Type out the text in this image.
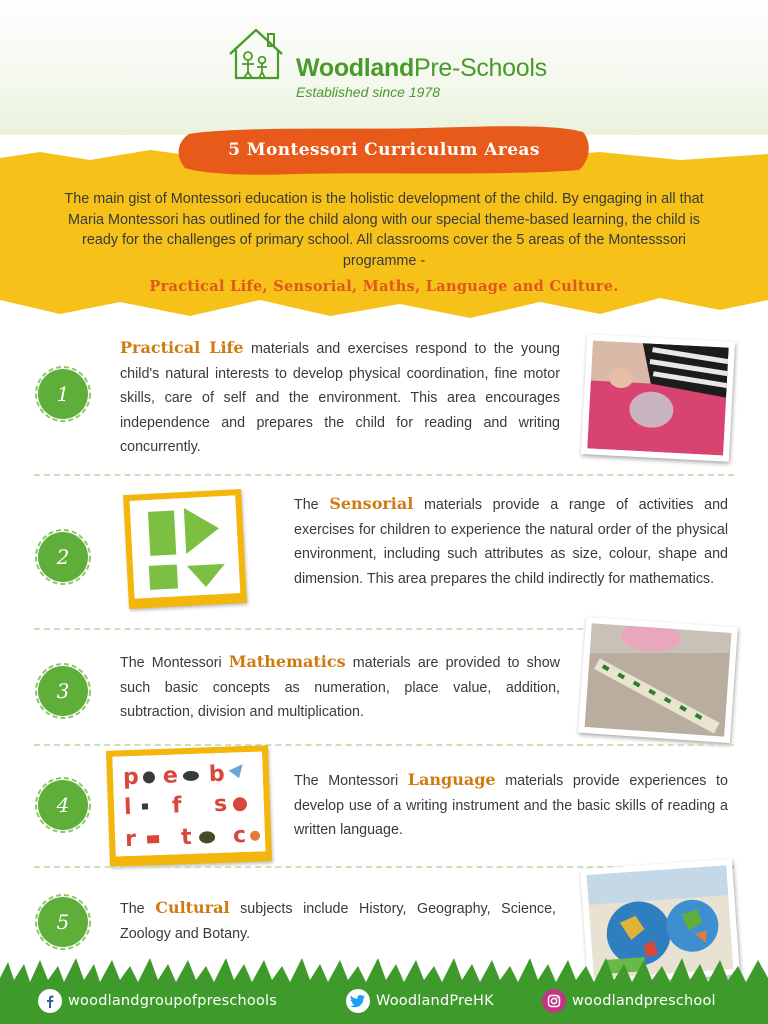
WoodlandPre-Schools
Established since 1978
5 Montessori Curriculum Areas
The main gist of Montessori education is the holistic development of the child. By engaging in all that Maria Montessori has outlined for the child along with our special theme-based learning, the child is ready for the challenges of primary school. All classrooms cover the 5 areas of the Montesssori programme -
Practical Life, Sensorial, Maths, Language and Culture.
1
Practical Life materials and exercises respond to the young child's natural interests to develop physical coordination, fine motor skills, care of self and the environment. This area encourages independence and prepares the child for reading and writing concurrently.
2
The Sensorial materials provide a range of activities and exercises for children to experience the natural order of the physical environment, including such attributes as size, colour, shape and dimension. This area prepares the child indirectly for mathematics.
3
The Montessori Mathematics materials are provided to show such basic concepts as numeration, place value, addition, subtraction, division and multiplication.
p e b
l f s
r t c
4
The Montessori Language materials provide experiences to develop use of a writing instrument and the basic skills of reading a written language.
5
The Cultural subjects include History, Geography, Science, Zoology and Botany.
woodlandgroupofpreschools	WoodlandPreHK	woodlandpreschool
